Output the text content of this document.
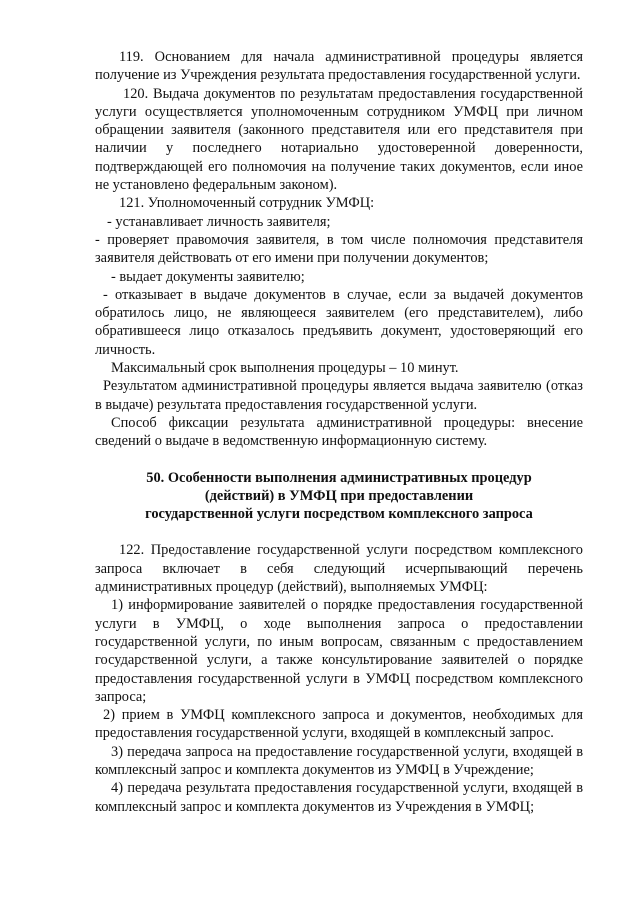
119. Основанием для начала административной процедуры является получение из Учреждения результата предоставления государственной услуги.

120. Выдача документов по результатам предоставления государственной услуги осуществляется уполномоченным сотрудником УМФЦ при личном обращении заявителя (законного представителя или его представителя при наличии у последнего нотариально удостоверенной доверенности, подтверждающей его полномочия на получение таких документов, если иное не установлено федеральным законом).

121. Уполномоченный сотрудник УМФЦ:

- устанавливает личность заявителя;

- проверяет правомочия заявителя, в том числе полномочия представителя заявителя действовать от его имени при получении документов;

- выдает документы заявителю;

- отказывает в выдаче документов в случае, если за выдачей документов обратилось лицо, не являющееся заявителем (его представителем), либо обратившееся лицо отказалось предъявить документ, удостоверяющий его личность.

Максимальный срок выполнения процедуры – 10 минут.

Результатом административной процедуры является выдача заявителю (отказ в выдаче) результата предоставления государственной услуги.

Способ фиксации результата административной процедуры: внесение сведений о выдаче в ведомственную информационную систему.

50. Особенности выполнения административных процедур
(действий) в УМФЦ при предоставлении
государственной услуги посредством комплексного запроса

122. Предоставление государственной услуги посредством комплексного запроса включает в себя следующий исчерпывающий перечень административных процедур (действий), выполняемых УМФЦ:

1) информирование заявителей о порядке предоставления государственной услуги в УМФЦ, о ходе выполнения запроса о предоставлении государственной услуги, по иным вопросам, связанным с предоставлением государственной услуги, а также консультирование заявителей о порядке предоставления государственной услуги в УМФЦ посредством комплексного запроса;

2) прием в УМФЦ комплексного запроса и документов, необходимых для предоставления государственной услуги, входящей в комплексный запрос.

3) передача запроса на предоставление государственной услуги, входящей в комплексный запрос и комплекта документов из УМФЦ в Учреждение;

4) передача результата предоставления государственной услуги, входящей в комплексный запрос и комплекта документов из Учреждения в УМФЦ;
